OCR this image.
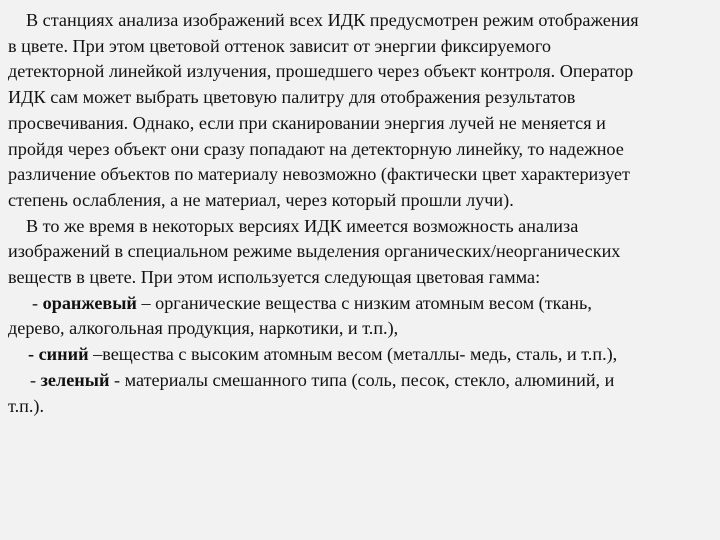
В станциях анализа изображений всех ИДК предусмотрен режим отображения
в цвете. При этом цветовой оттенок зависит от энергии фиксируемого
детекторной линейкой излучения, прошедшего через объект контроля. Оператор
ИДК сам может выбрать цветовую палитру для отображения результатов
просвечивания. Однако, если при сканировании энергия лучей не меняется и
пройдя через объект они сразу попадают на детекторную линейку, то надежное
различение объектов по материалу невозможно (фактически цвет характеризует
степень ослабления, а не материал, через который прошли лучи).
В то же время в некоторых версиях ИДК имеется возможность анализа
изображений в специальном режиме выделения органических/неорганических
веществ в цвете. При этом используется следующая цветовая гамма:
- оранжевый – органические вещества с низким атомным весом (ткань,
дерево, алкогольная продукция, наркотики, и т.п.),
- синий –вещества с высоким атомным весом (металлы- медь, сталь, и т.п.),
- зеленый - материалы смешанного типа (соль, песок, стекло, алюминий, и
т.п.).
